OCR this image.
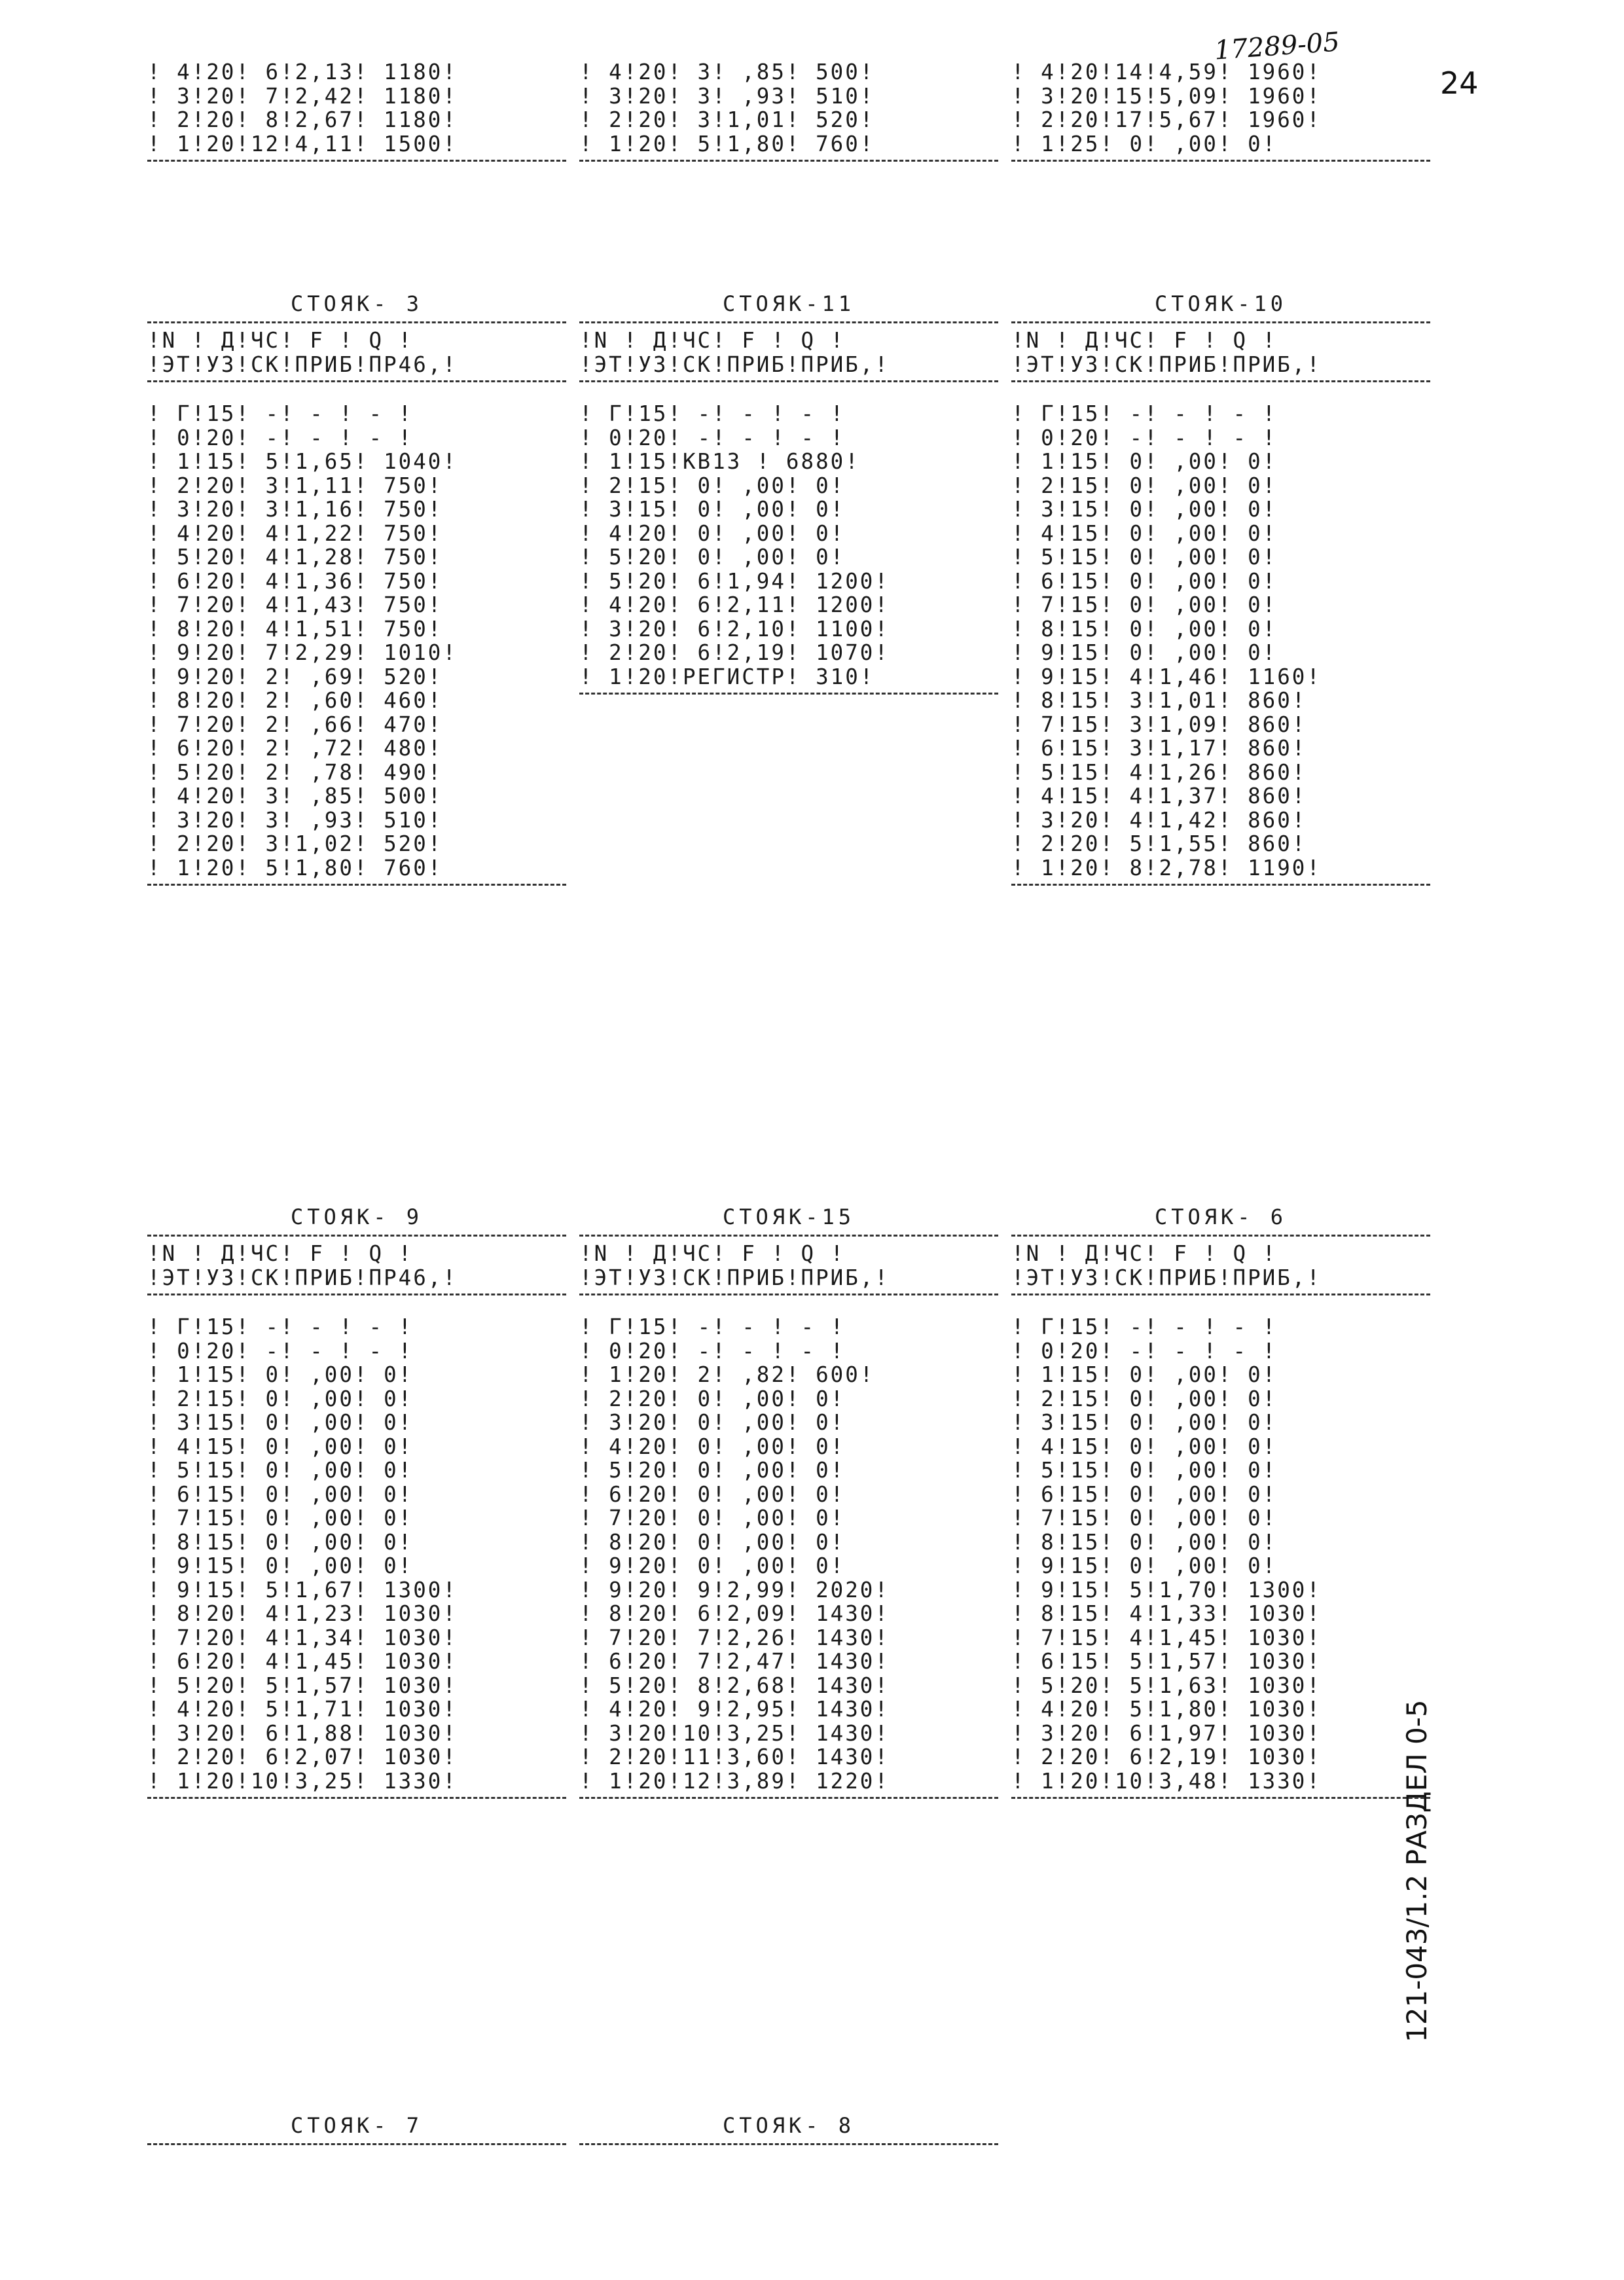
17289-05
24
121-043/1.2 РАЗДЕЛ 0-5
! 4!20! 6!2,13! 1180!
! 3!20! 7!2,42! 1180!
! 2!20! 8!2,67! 1180!
! 1!20!12!4,11! 1500!
! 4!20! 3! ,85! 500!
! 3!20! 3! ,93! 510!
! 2!20! 3!1,01! 520!
! 1!20! 5!1,80! 760!
! 4!20!14!4,59! 1960!
! 3!20!15!5,09! 1960!
! 2!20!17!5,67! 1960!
! 1!25! 0! ,00! 0!
СТОЯК- 3
!N ! Д!ЧС! F ! Q !
!ЭТ!УЗ!СК!ПРИБ!ПР46,!
! Г!15! -! - ! - !
! 0!20! -! - ! - !
! 1!15! 5!1,65! 1040!
! 2!20! 3!1,11! 750!
! 3!20! 3!1,16! 750!
! 4!20! 4!1,22! 750!
! 5!20! 4!1,28! 750!
! 6!20! 4!1,36! 750!
! 7!20! 4!1,43! 750!
! 8!20! 4!1,51! 750!
! 9!20! 7!2,29! 1010!
! 9!20! 2! ,69! 520!
! 8!20! 2! ,60! 460!
! 7!20! 2! ,66! 470!
! 6!20! 2! ,72! 480!
! 5!20! 2! ,78! 490!
! 4!20! 3! ,85! 500!
! 3!20! 3! ,93! 510!
! 2!20! 3!1,02! 520!
! 1!20! 5!1,80! 760!
СТОЯК-11
!N ! Д!ЧС! F ! Q !
!ЭТ!УЗ!СК!ПРИБ!ПРИБ,!
! Г!15! -! - ! - !
! 0!20! -! - ! - !
! 1!15!КВ13 ! 6880!
! 2!15! 0! ,00! 0!
! 3!15! 0! ,00! 0!
! 4!20! 0! ,00! 0!
! 5!20! 0! ,00! 0!
! 5!20! 6!1,94! 1200!
! 4!20! 6!2,11! 1200!
! 3!20! 6!2,10! 1100!
! 2!20! 6!2,19! 1070!
! 1!20!РЕГИСТР! 310!
СТОЯК-10
!N ! Д!ЧС! F ! Q !
!ЭТ!УЗ!СК!ПРИБ!ПРИБ,!
! Г!15! -! - ! - !
! 0!20! -! - ! - !
! 1!15! 0! ,00! 0!
! 2!15! 0! ,00! 0!
! 3!15! 0! ,00! 0!
! 4!15! 0! ,00! 0!
! 5!15! 0! ,00! 0!
! 6!15! 0! ,00! 0!
! 7!15! 0! ,00! 0!
! 8!15! 0! ,00! 0!
! 9!15! 0! ,00! 0!
! 9!15! 4!1,46! 1160!
! 8!15! 3!1,01! 860!
! 7!15! 3!1,09! 860!
! 6!15! 3!1,17! 860!
! 5!15! 4!1,26! 860!
! 4!15! 4!1,37! 860!
! 3!20! 4!1,42! 860!
! 2!20! 5!1,55! 860!
! 1!20! 8!2,78! 1190!
СТОЯК- 9
!N ! Д!ЧС! F ! Q !
!ЭТ!УЗ!СК!ПРИБ!ПР46,!
! Г!15! -! - ! - !
! 0!20! -! - ! - !
! 1!15! 0! ,00! 0!
! 2!15! 0! ,00! 0!
! 3!15! 0! ,00! 0!
! 4!15! 0! ,00! 0!
! 5!15! 0! ,00! 0!
! 6!15! 0! ,00! 0!
! 7!15! 0! ,00! 0!
! 8!15! 0! ,00! 0!
! 9!15! 0! ,00! 0!
! 9!15! 5!1,67! 1300!
! 8!20! 4!1,23! 1030!
! 7!20! 4!1,34! 1030!
! 6!20! 4!1,45! 1030!
! 5!20! 5!1,57! 1030!
! 4!20! 5!1,71! 1030!
! 3!20! 6!1,88! 1030!
! 2!20! 6!2,07! 1030!
! 1!20!10!3,25! 1330!
СТОЯК-15
!N ! Д!ЧС! F ! Q !
!ЭТ!УЗ!СК!ПРИБ!ПРИБ,!
! Г!15! -! - ! - !
! 0!20! -! - ! - !
! 1!20! 2! ,82! 600!
! 2!20! 0! ,00! 0!
! 3!20! 0! ,00! 0!
! 4!20! 0! ,00! 0!
! 5!20! 0! ,00! 0!
! 6!20! 0! ,00! 0!
! 7!20! 0! ,00! 0!
! 8!20! 0! ,00! 0!
! 9!20! 0! ,00! 0!
! 9!20! 9!2,99! 2020!
! 8!20! 6!2,09! 1430!
! 7!20! 7!2,26! 1430!
! 6!20! 7!2,47! 1430!
! 5!20! 8!2,68! 1430!
! 4!20! 9!2,95! 1430!
! 3!20!10!3,25! 1430!
! 2!20!11!3,60! 1430!
! 1!20!12!3,89! 1220!
СТОЯК- 6
!N ! Д!ЧС! F ! Q !
!ЭТ!УЗ!СК!ПРИБ!ПРИБ,!
! Г!15! -! - ! - !
! 0!20! -! - ! - !
! 1!15! 0! ,00! 0!
! 2!15! 0! ,00! 0!
! 3!15! 0! ,00! 0!
! 4!15! 0! ,00! 0!
! 5!15! 0! ,00! 0!
! 6!15! 0! ,00! 0!
! 7!15! 0! ,00! 0!
! 8!15! 0! ,00! 0!
! 9!15! 0! ,00! 0!
! 9!15! 5!1,70! 1300!
! 8!15! 4!1,33! 1030!
! 7!15! 4!1,45! 1030!
! 6!15! 5!1,57! 1030!
! 5!20! 5!1,63! 1030!
! 4!20! 5!1,80! 1030!
! 3!20! 6!1,97! 1030!
! 2!20! 6!2,19! 1030!
! 1!20!10!3,48! 1330!
СТОЯК- 7	СТОЯК- 8
